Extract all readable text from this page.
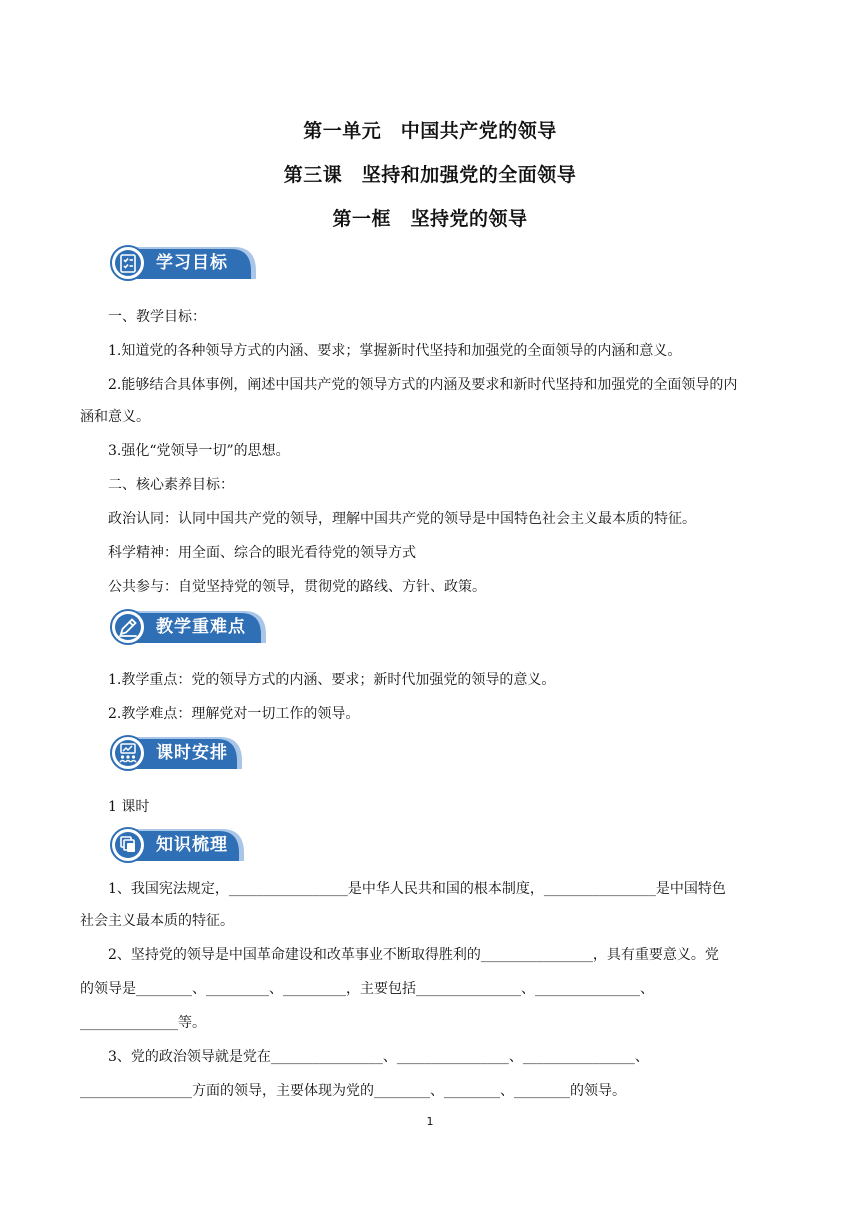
第一单元　中国共产党的领导
第三课　坚持和加强党的全面领导
第一框　坚持党的领导
学习目标
一、教学目标：
1.知道党的各种领导方式的内涵、要求；掌握新时代坚持和加强党的全面领导的内涵和意义。
2.能够结合具体事例，阐述中国共产党的领导方式的内涵及要求和新时代坚持和加强党的全面领导的内
涵和意义。
3.强化“党领导一切”的思想。
二、核心素养目标：
政治认同：认同中国共产党的领导，理解中国共产党的领导是中国特色社会主义最本质的特征。
科学精神：用全面、综合的眼光看待党的领导方式
公共参与：自觉坚持党的领导，贯彻党的路线、方针、政策。
教学重难点
1.教学重点：党的领导方式的内涵、要求；新时代加强党的领导的意义。
2.教学难点：理解党对一切工作的领导。
课时安排
1 课时
知识梳理
1、我国宪法规定，_________________是中华人民共和国的根本制度，________________是中国特色
社会主义最本质的特征。
2、坚持党的领导是中国革命建设和改革事业不断取得胜利的________________，具有重要意义。党
的领导是________、_________、_________，主要包括_______________、_______________、
______________等。
3、党的政治领导就是党在________________、________________、________________、
________________方面的领导，主要体现为党的________、________、________的领导。
1
